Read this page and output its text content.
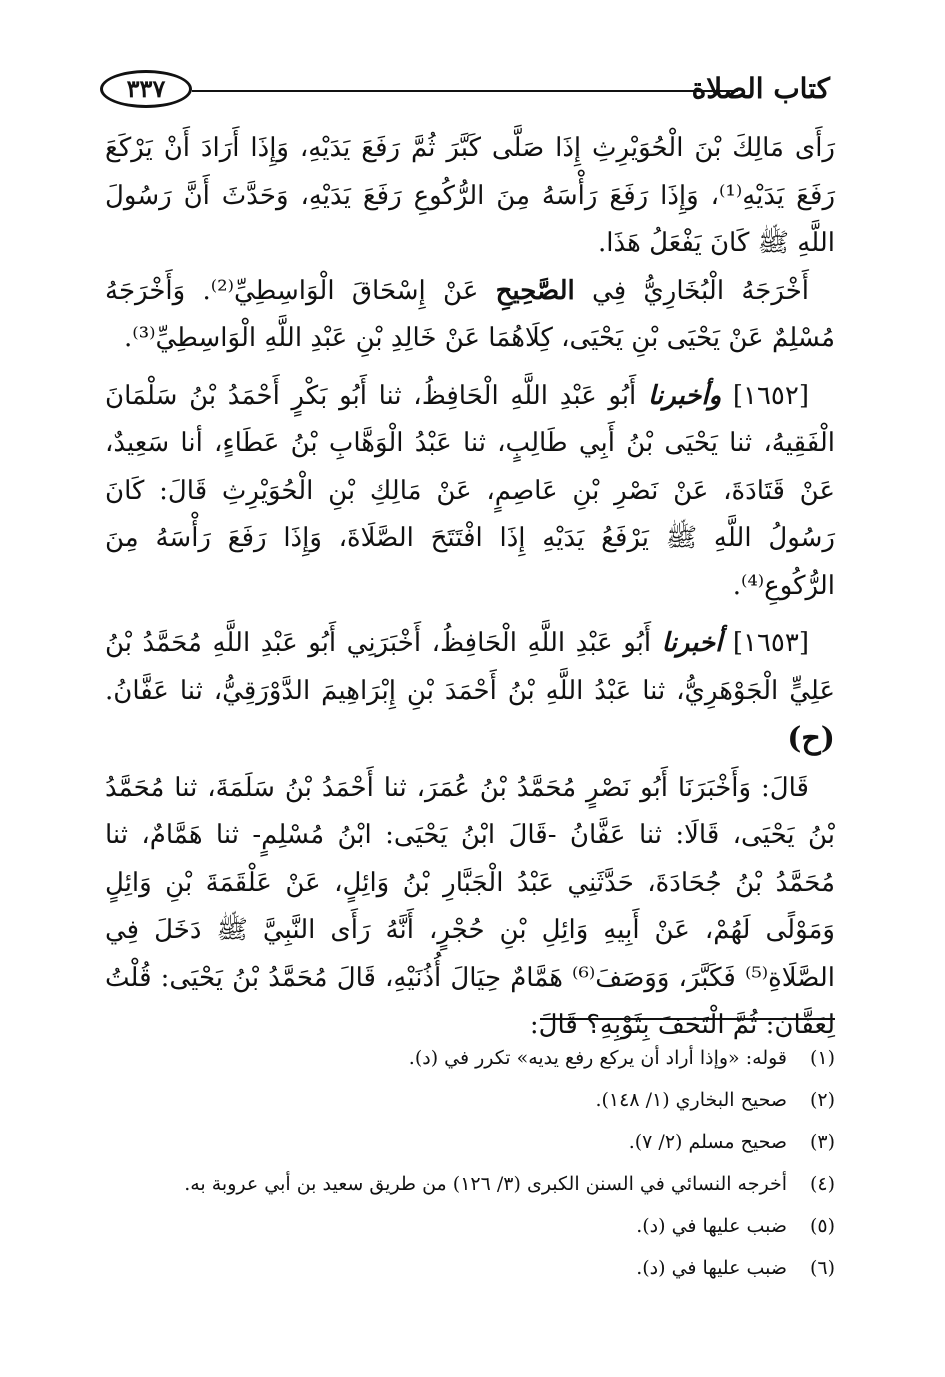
٣٣٧	كتاب الصلاة

رَأَى مَالِكَ بْنَ الْحُوَيْرِثِ إِذَا صَلَّى كَبَّرَ ثُمَّ رَفَعَ يَدَيْهِ، وَإِذَا أَرَادَ أَنْ يَرْكَعَ رَفَعَ يَدَيْهِ⁽¹⁾، وَإِذَا رَفَعَ رَأْسَهُ مِنَ الرُّكُوعِ رَفَعَ يَدَيْهِ، وَحَدَّثَ أَنَّ رَسُولَ اللَّهِ ﷺ كَانَ يَفْعَلُ هَذَا.

أَخْرَجَهُ الْبُخَارِيُّ فِي الصَّحِيحِ عَنْ إِسْحَاقَ الْوَاسِطِيِّ⁽²⁾. وَأَخْرَجَهُ مُسْلِمٌ عَنْ يَحْيَى بْنِ يَحْيَى، كِلَاهُمَا عَنْ خَالِدِ بْنِ عَبْدِ اللَّهِ الْوَاسِطِيِّ⁽³⁾.

[١٦٥٢] وأخبرنا أَبُو عَبْدِ اللَّهِ الْحَافِظُ، ثنا أَبُو بَكْرٍ أَحْمَدُ بْنُ سَلْمَانَ الْفَقِيهُ، ثنا يَحْيَى بْنُ أَبِي طَالِبٍ، ثنا عَبْدُ الْوَهَّابِ بْنُ عَطَاءٍ، أنا سَعِيدٌ، عَنْ قَتَادَةَ، عَنْ نَصْرِ بْنِ عَاصِمٍ، عَنْ مَالِكِ بْنِ الْحُوَيْرِثِ قَالَ: كَانَ رَسُولُ اللَّهِ ﷺ يَرْفَعُ يَدَيْهِ إِذَا افْتَتَحَ الصَّلَاةَ، وَإِذَا رَفَعَ رَأْسَهُ مِنَ الرُّكُوعِ⁽⁴⁾.

[١٦٥٣] أخبرنا أَبُو عَبْدِ اللَّهِ الْحَافِظُ، أَخْبَرَنِي أَبُو عَبْدِ اللَّهِ مُحَمَّدُ بْنُ عَلِيٍّ الْجَوْهَرِيُّ، ثنا عَبْدُ اللَّهِ بْنُ أَحْمَدَ بْنِ إِبْرَاهِيمَ الدَّوْرَقِيُّ، ثنا عَفَّانُ. (ح)

قَالَ: وَأَخْبَرَنَا أَبُو نَصْرٍ مُحَمَّدُ بْنُ عُمَرَ، ثنا أَحْمَدُ بْنُ سَلَمَةَ، ثنا مُحَمَّدُ بْنُ يَحْيَى، قَالَا: ثنا عَفَّانُ -قَالَ ابْنُ يَحْيَى: ابْنُ مُسْلِمٍ- ثنا هَمَّامٌ، ثنا مُحَمَّدُ بْنُ جُحَادَةَ، حَدَّثَنِي عَبْدُ الْجَبَّارِ بْنُ وَائِلٍ، عَنْ عَلْقَمَةَ بْنِ وَائِلٍ وَمَوْلًى لَهُمْ، عَنْ أَبِيهِ وَائِلِ بْنِ حُجْرٍ، أَنَّهُ رَأَى النَّبِيَّ ﷺ دَخَلَ فِي الصَّلَاةِ⁽⁵⁾ فَكَبَّرَ، وَوَصَفَ⁽⁶⁾ هَمَّامٌ حِيَالَ أُذُنَيْهِ، قَالَ مُحَمَّدُ بْنُ يَحْيَى: قُلْتُ لِعَفَّانَ: ثُمَّ الْتَحَفَ بِثَوْبِهِ؟ قَالَ:

(١)
قوله: «وإذا أراد أن يركع رفع يديه» تكرر في (د).
(٢)
صحيح البخاري (١/ ١٤٨).
(٣)
صحيح مسلم (٢/ ٧).
(٤)
أخرجه النسائي في السنن الكبرى (٣/ ١٢٦) من طريق سعيد بن أبي عروبة به.
(٥)
ضبب عليها في (د).
(٦)
ضبب عليها في (د).
